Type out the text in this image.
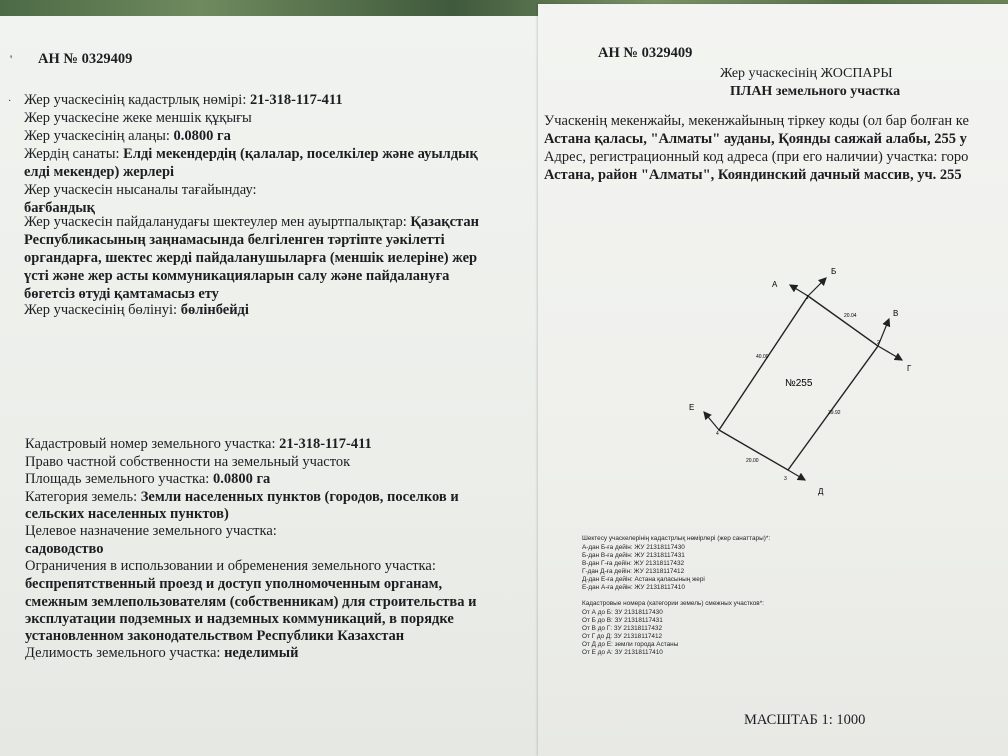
' АН № 0329409
· Жер учаскесінің кадастрлық нөмірі: 21-318-117-411
Жер учаскесіне жеке меншік құқығы
Жер учаскесінің алаңы: 0.0800 га
Жердің санаты: Елді мекендердің (қалалар, поселкілер және ауылдық
елді мекендер) жерлері
Жер учаскесін нысаналы тағайындау:
бағбандық
Жер учаскесін пайдаланудағы шектеулер мен ауыртпалықтар: Қазақстан
Республикасының заңнамасында белгіленген тәртіпте уәкілетті
органдарға, шектес жерді пайдаланушыларға (меншік иелеріне) жер
үсті және жер асты коммуникацияларын салу және пайдалануға
бөгетсіз өтуді қамтамасыз ету
Жер учаскесінің бөлінуі: бөлінбейді
Кадастровый номер земельного участка: 21-318-117-411
Право частной собственности на земельный участок
Площадь земельного участка: 0.0800 га
Категория земель: Земли населенных пунктов (городов, поселков и
сельских населенных пунктов)
Целевое назначение земельного участка:
садоводство
Ограничения в использовании и обременения земельного участка:
беспрепятственный проезд и доступ уполномоченным органам,
смежным землепользователям (собственникам) для строительства и
эксплуатации подземных и надземных коммуникаций, в порядке
установленном законодательством Республики Казахстан
Делимость земельного участка: неделимый
АН № 0329409
Жер учаскесінің ЖОСПАРЫ
ПЛАН земельного участка
Учаскенің мекенжайы, мекенжайының тіркеу коды (ол бар болған ке
Астана қаласы, "Алматы" ауданы, Қоянды саяжай алабы, 255 у
Адрес, регистрационный код адреса (при его наличии) участка: горо
Астана, район "Алматы", Кояндинский дачный массив, уч. 255
А
Б
В
Г
Д
Е
1
2
3
4
20.04
39.92
20.00
40.00
№255
Шектесу учаскелерінің кадастрлық нөмірлері (жер санаттары)*:
А-дан Б-ға дейін: ЖУ 21318117430
Б-дан В-ға дейін: ЖУ 21318117431
В-дан Г-ға дейін: ЖУ 21318117432
Г-дан Д-ға дейін: ЖУ 21318117412
Д-дан Е-ға дейін: Астана қаласының жері
Е-дан А-ға дейін: ЖУ 21318117410
Кадастровые номера (категории земель) смежных участков*:
От А до Б: ЗУ 21318117430
От Б до В: ЗУ 21318117431
От В до Г: ЗУ 21318117432
От Г до Д: ЗУ 21318117412
От Д до Е: земли города Астаны
От Е до А: ЗУ 21318117410
МАСШТАБ 1: 1000
